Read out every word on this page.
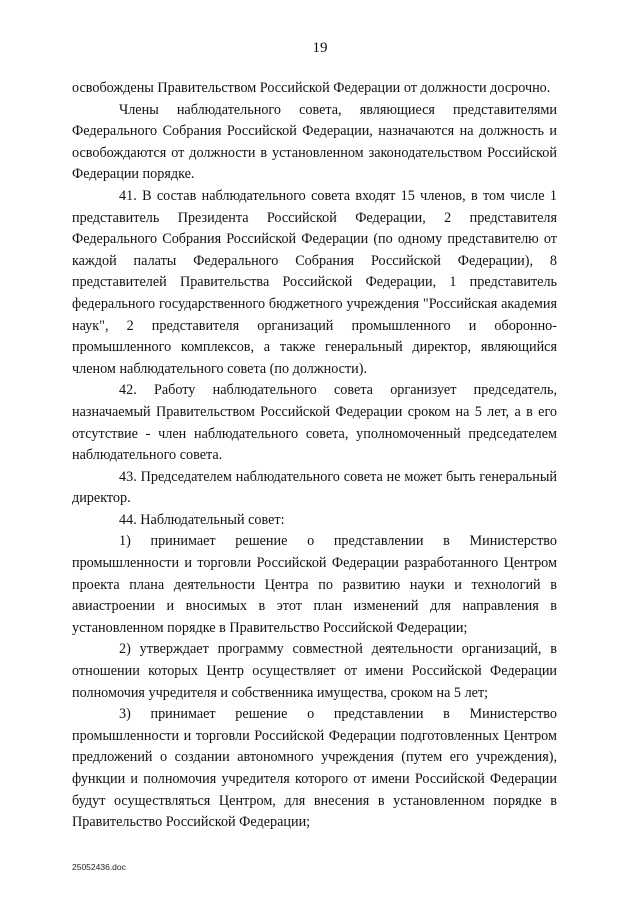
19

освобождены Правительством Российской Федерации от должности досрочно.

Члены наблюдательного совета, являющиеся представителями Федерального Собрания Российской Федерации, назначаются на должность и освобождаются от должности в установленном законодательством Российской Федерации порядке.

41. В состав наблюдательного совета входят 15 членов, в том числе 1 представитель Президента Российской Федерации, 2 представителя Федерального Собрания Российской Федерации (по одному представителю от каждой палаты Федерального Собрания Российской Федерации), 8 представителей Правительства Российской Федерации, 1 представитель федерального государственного бюджетного учреждения "Российская академия наук", 2 представителя организаций промышленного и оборонно-промышленного комплексов, а также генеральный директор, являющийся членом наблюдательного совета (по должности).

42. Работу наблюдательного совета организует председатель, назначаемый Правительством Российской Федерации сроком на 5 лет, а в его отсутствие - член наблюдательного совета, уполномоченный председателем наблюдательного совета.

43. Председателем наблюдательного совета не может быть генеральный директор.

44. Наблюдательный совет:

1) принимает решение о представлении в Министерство промышленности и торговли Российской Федерации разработанного Центром проекта плана деятельности Центра по развитию науки и технологий в авиастроении и вносимых в этот план изменений для направления в установленном порядке в Правительство Российской Федерации;

2) утверждает программу совместной деятельности организаций, в отношении которых Центр осуществляет от имени Российской Федерации полномочия учредителя и собственника имущества, сроком на 5 лет;

3) принимает решение о представлении в Министерство промышленности и торговли Российской Федерации подготовленных Центром предложений о создании автономного учреждения (путем его учреждения), функции и полномочия учредителя которого от имени Российской Федерации будут осуществляться Центром, для внесения в установленном порядке в Правительство Российской Федерации;

25052436.doc
